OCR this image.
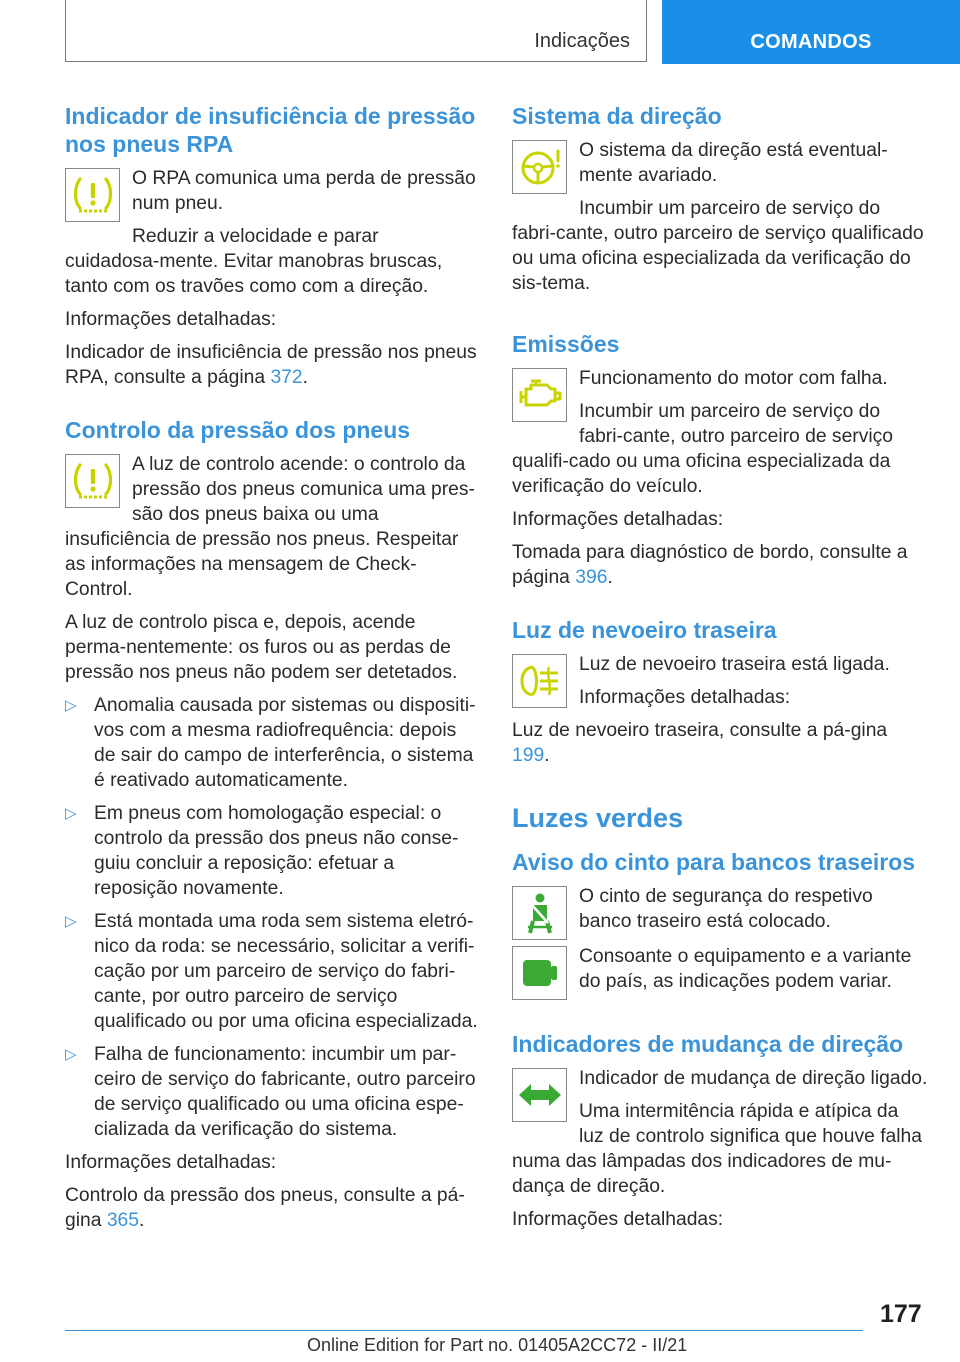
Indicações	COMANDOS
Indicador de insuficiência de pressão nos pneus RPA

O RPA comunica uma perda de pressão num pneu.

Reduzir a velocidade e parar cuidadosa-mente. Evitar manobras bruscas, tanto com os travões como com a direção.

Informações detalhadas:

Indicador de insuficiência de pressão nos pneus RPA, consulte a página 372.

Controlo da pressão dos pneus

A luz de controlo acende: o controlo da pressão dos pneus comunica uma pres-são dos pneus baixa ou uma insuficiência de pressão nos pneus. Respeitar as informações na mensagem de Check-Control.

A luz de controlo pisca e, depois, acende perma-nentemente: os furos ou as perdas de pressão nos pneus não podem ser detetados.

▷ Anomalia causada por sistemas ou dispositi-vos com a mesma radiofrequência: depois de sair do campo de interferência, o sistema é reativado automaticamente.
▷ Em pneus com homologação especial: o controlo da pressão dos pneus não conse-guiu concluir a reposição: efetuar a reposição novamente.
▷ Está montada uma roda sem sistema eletró-nico da roda: se necessário, solicitar a verifi-cação por um parceiro de serviço do fabri-cante, por outro parceiro de serviço qualificado ou por uma oficina especializada.
▷ Falha de funcionamento: incumbir um par-ceiro de serviço do fabricante, outro parceiro de serviço qualificado ou uma oficina espe-cializada da verificação do sistema.

Informações detalhadas:

Controlo da pressão dos pneus, consulte a pá-gina 365.

Sistema da direção

O sistema da direção está eventual-mente avariado.

Incumbir um parceiro de serviço do fabri-cante, outro parceiro de serviço qualificado ou uma oficina especializada da verificação do sis-tema.

Emissões

Funcionamento do motor com falha.

Incumbir um parceiro de serviço do fabri-cante, outro parceiro de serviço qualifi-cado ou uma oficina especializada da verificação do veículo.

Informações detalhadas:

Tomada para diagnóstico de bordo, consulte a página 396.

Luz de nevoeiro traseira

Luz de nevoeiro traseira está ligada.

Informações detalhadas:

Luz de nevoeiro traseira, consulte a pá-gina 199.

Luzes verdes
Aviso do cinto para bancos traseiros

O cinto de segurança do respetivo banco traseiro está colocado.

Consoante o equipamento e a variante do país, as indicações podem variar.

Indicadores de mudança de direção

Indicador de mudança de direção ligado.

Uma intermitência rápida e atípica da luz de controlo significa que houve falha numa das lâmpadas dos indicadores de mu-dança de direção.

Informações detalhadas:

177
Online Edition for Part no. 01405A2CC72 - II/21
